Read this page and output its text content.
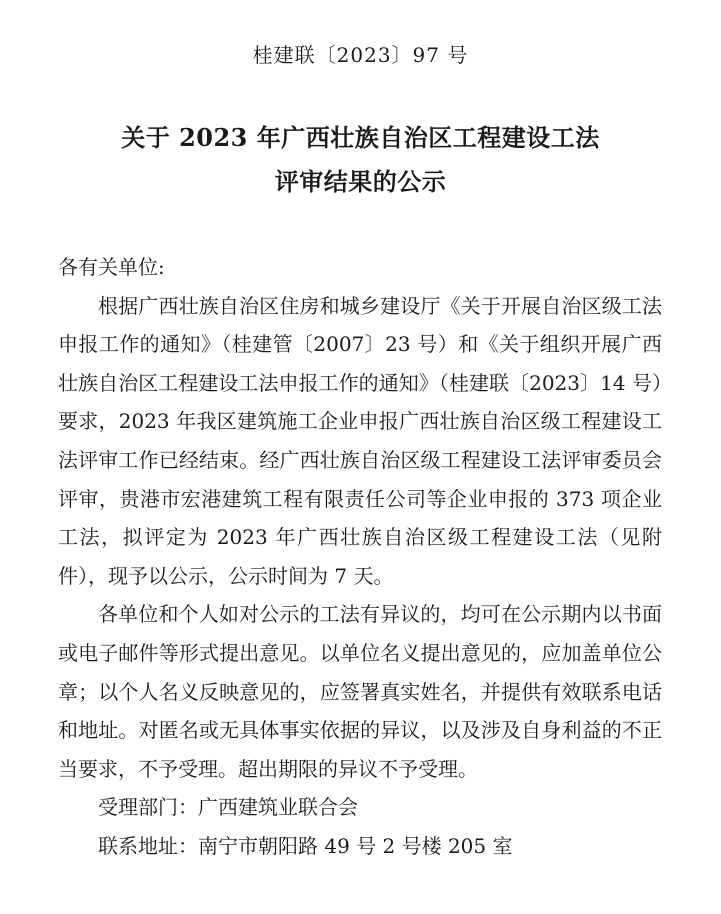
桂建联〔2023〕97 号
关于 2023 年广西壮族自治区工程建设工法
评审结果的公示

各有关单位:

根据广西壮族自治区住房和城乡建设厅《关于开展自治区级工法申报工作的通知》（桂建管〔2007〕23 号）和《关于组织开展广西壮族自治区工程建设工法申报工作的通知》（桂建联〔2023〕14 号）要求，2023 年我区建筑施工企业申报广西壮族自治区级工程建设工法评审工作已经结束。经广西壮族自治区级工程建设工法评审委员会评审，贵港市宏港建筑工程有限责任公司等企业申报的 373 项企业工法，拟评定为 2023 年广西壮族自治区级工程建设工法（见附件），现予以公示，公示时间为 7 天。

各单位和个人如对公示的工法有异议的，均可在公示期内以书面或电子邮件等形式提出意见。以单位名义提出意见的，应加盖单位公章；以个人名义反映意见的，应签署真实姓名，并提供有效联系电话和地址。对匿名或无具体事实依据的异议，以及涉及自身利益的不正当要求，不予受理。超出期限的异议不予受理。

受理部门：广西建筑业联合会

联系地址：南宁市朝阳路 49 号 2 号楼 205 室
